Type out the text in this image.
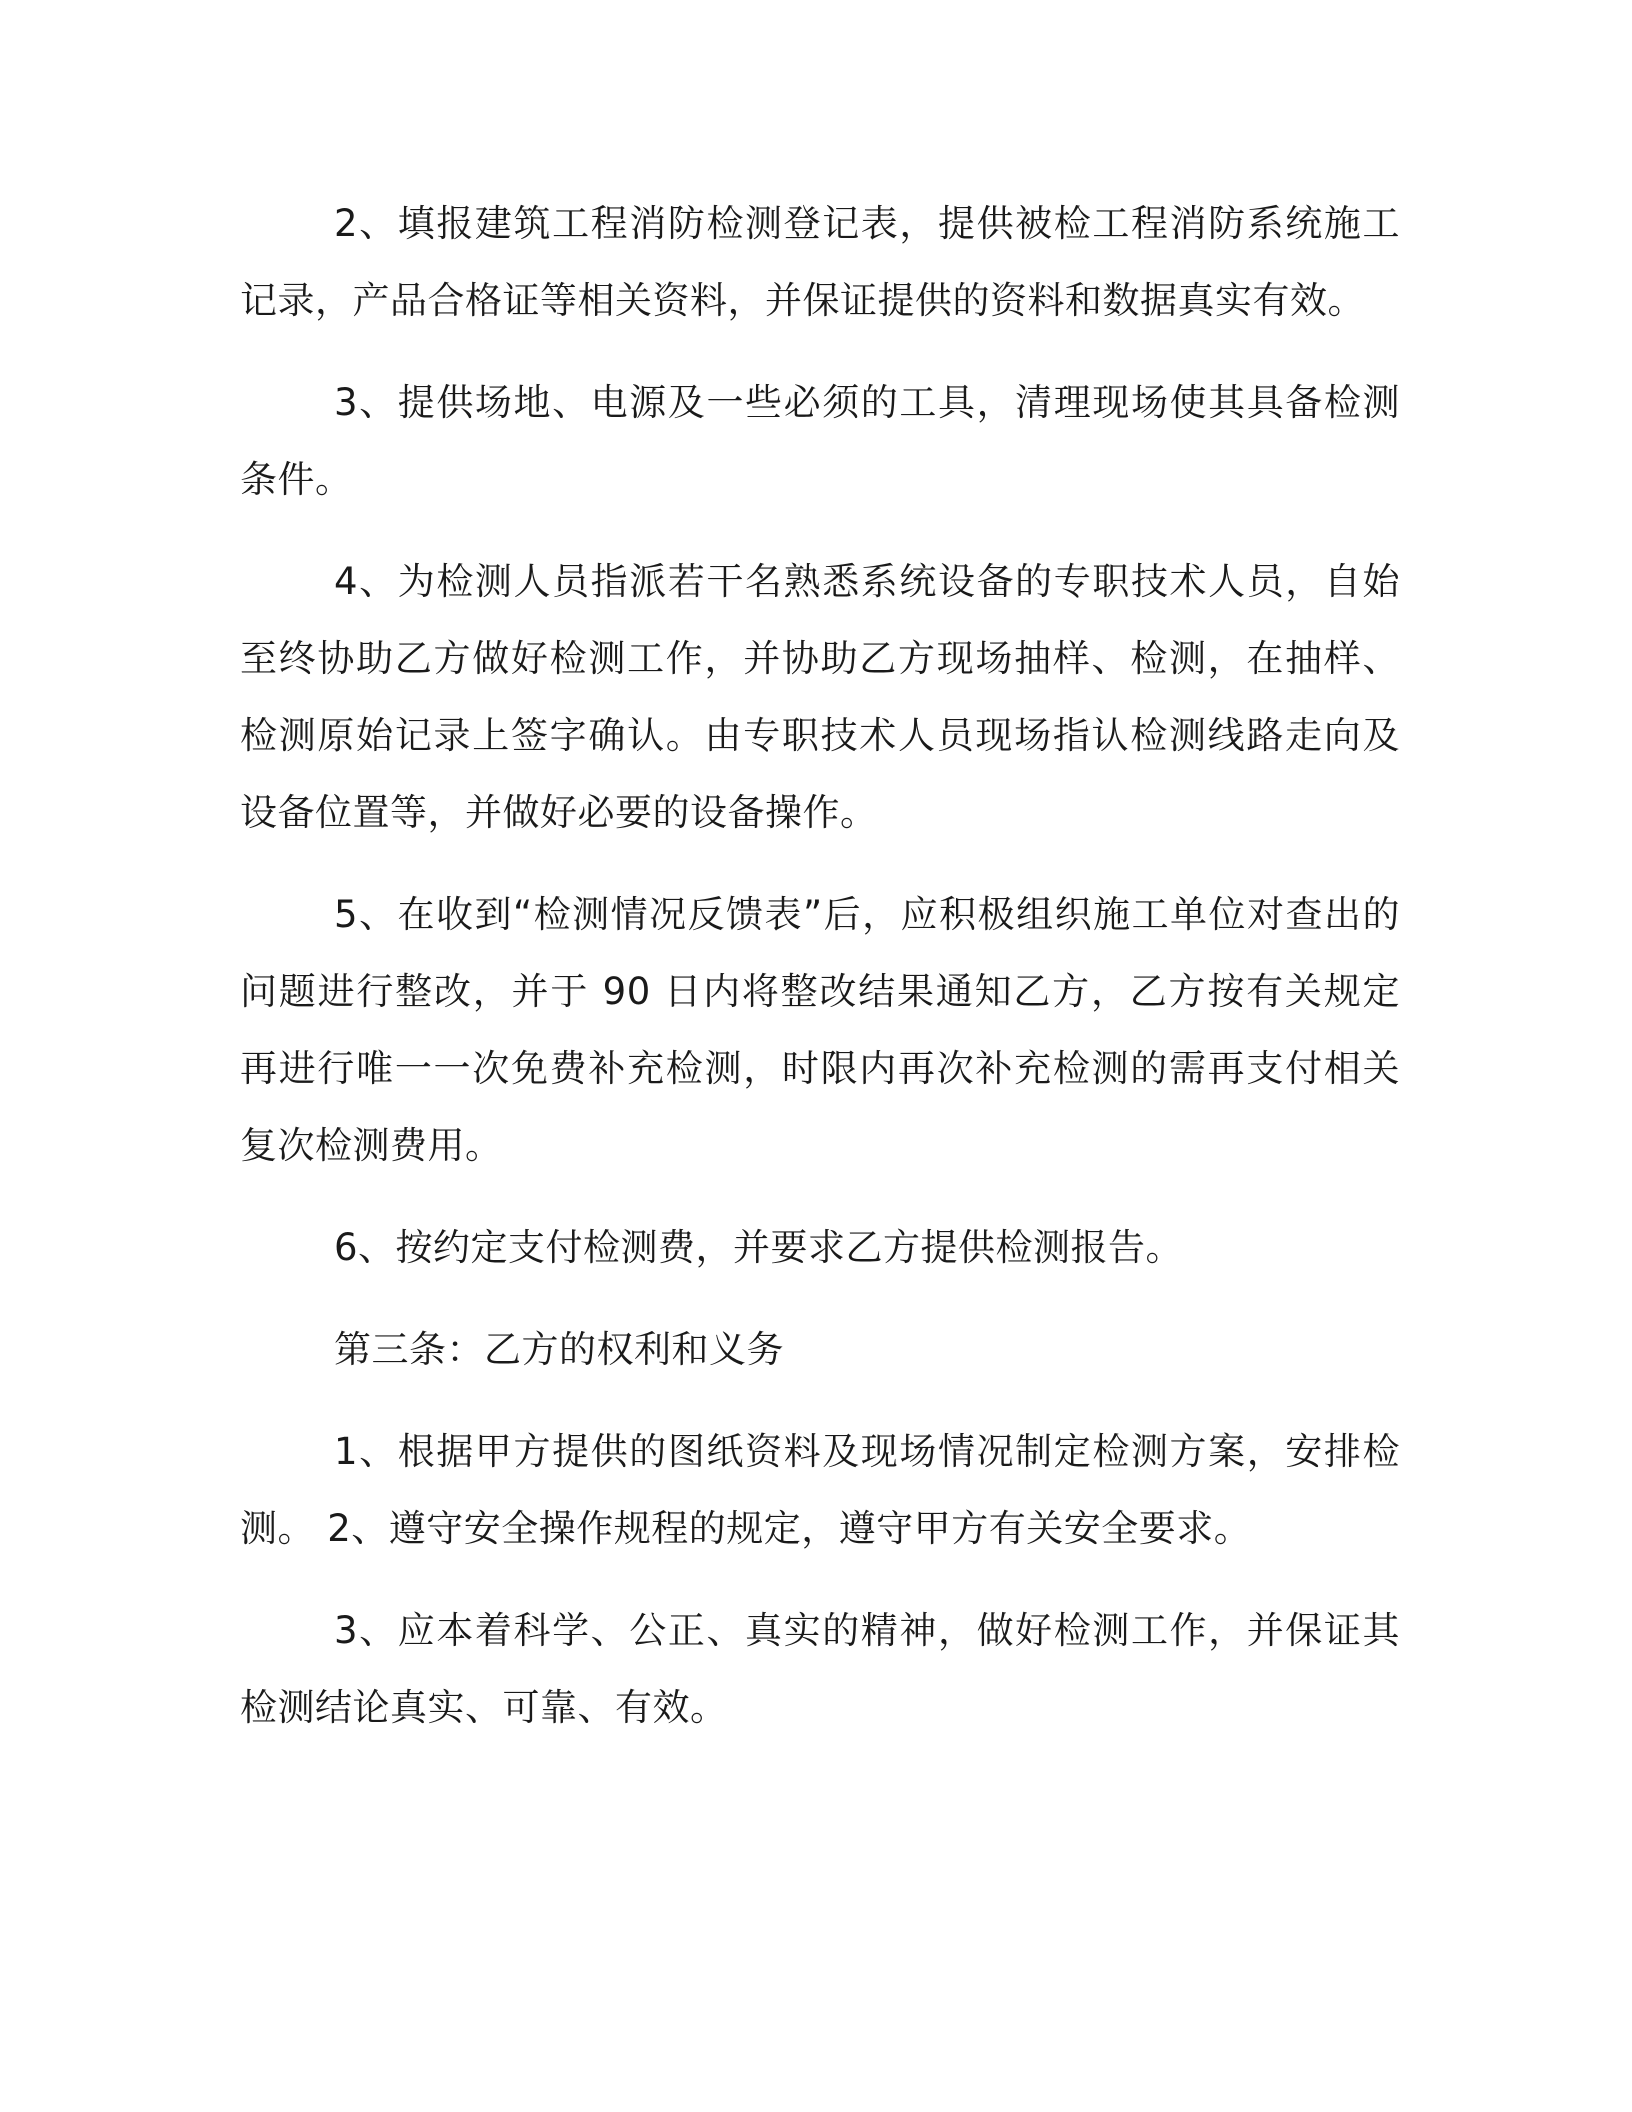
2、填报建筑工程消防检测登记表，提供被检工程消防系统施工记录，产品合格证等相关资料，并保证提供的资料和数据真实有效。

3、提供场地、电源及一些必须的工具，清理现场使其具备检测条件。

4、为检测人员指派若干名熟悉系统设备的专职技术人员，自始至终协助乙方做好检测工作，并协助乙方现场抽样、检测，在抽样、检测原始记录上签字确认。由专职技术人员现场指认检测线路走向及设备位置等，并做好必要的设备操作。

5、在收到“检测情况反馈表”后，应积极组织施工单位对查出的问题进行整改，并于 90 日内将整改结果通知乙方，乙方按有关规定再进行唯一一次免费补充检测，时限内再次补充检测的需再支付相关复次检测费用。

6、按约定支付检测费，并要求乙方提供检测报告。

第三条：乙方的权利和义务

1、根据甲方提供的图纸资料及现场情况制定检测方案，安排检测。 2、遵守安全操作规程的规定，遵守甲方有关安全要求。

3、应本着科学、公正、真实的精神，做好检测工作，并保证其检测结论真实、可靠、有效。
